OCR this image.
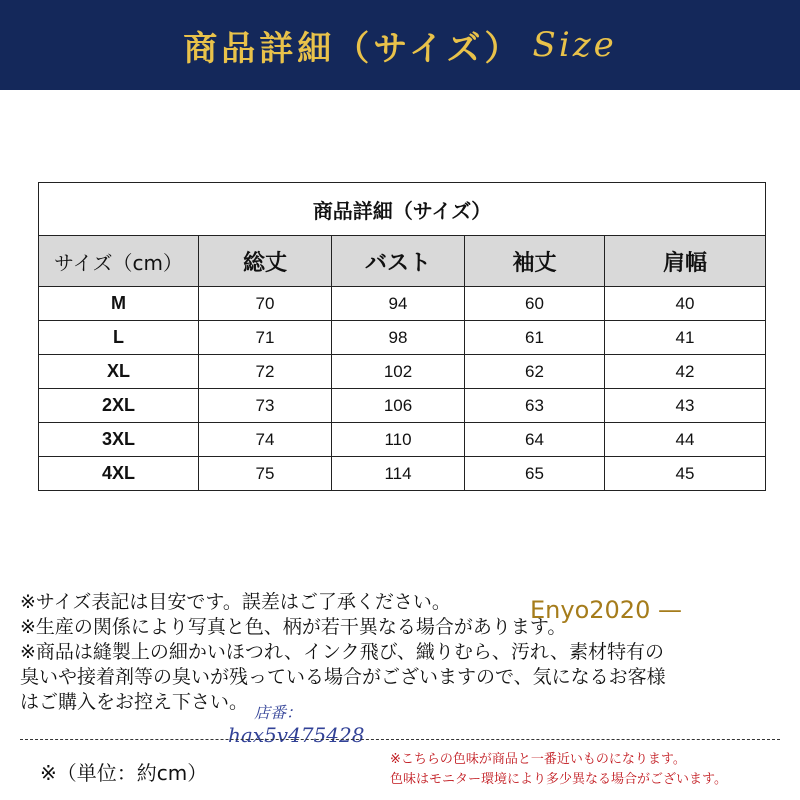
商品詳細（サイズ） Size
商品詳細（サイズ）				
サイズ（cm）	総丈	バスト	袖丈	肩幅
M	70	94	60	40
L	71	98	61	41
XL	72	102	62	42
2XL	73	106	63	43
3XL	74	110	64	44
4XL	75	114	65	45
※サイズ表記は目安です。誤差はご了承ください。
※生産の関係により写真と色、柄が若干異なる場合があります。
※商品は縫製上の細かいほつれ、インク飛び、織りむら、汚れ、素材特有の
臭いや接着剤等の臭いが残っている場合がございますので、気になるお客様
はご購入をお控え下さい。
Enyo2020 —
店番：
hax5v475428
※（単位：約cm）
※こちらの色味が商品と一番近いものになります。
色味はモニター環境により多少異なる場合がございます。
